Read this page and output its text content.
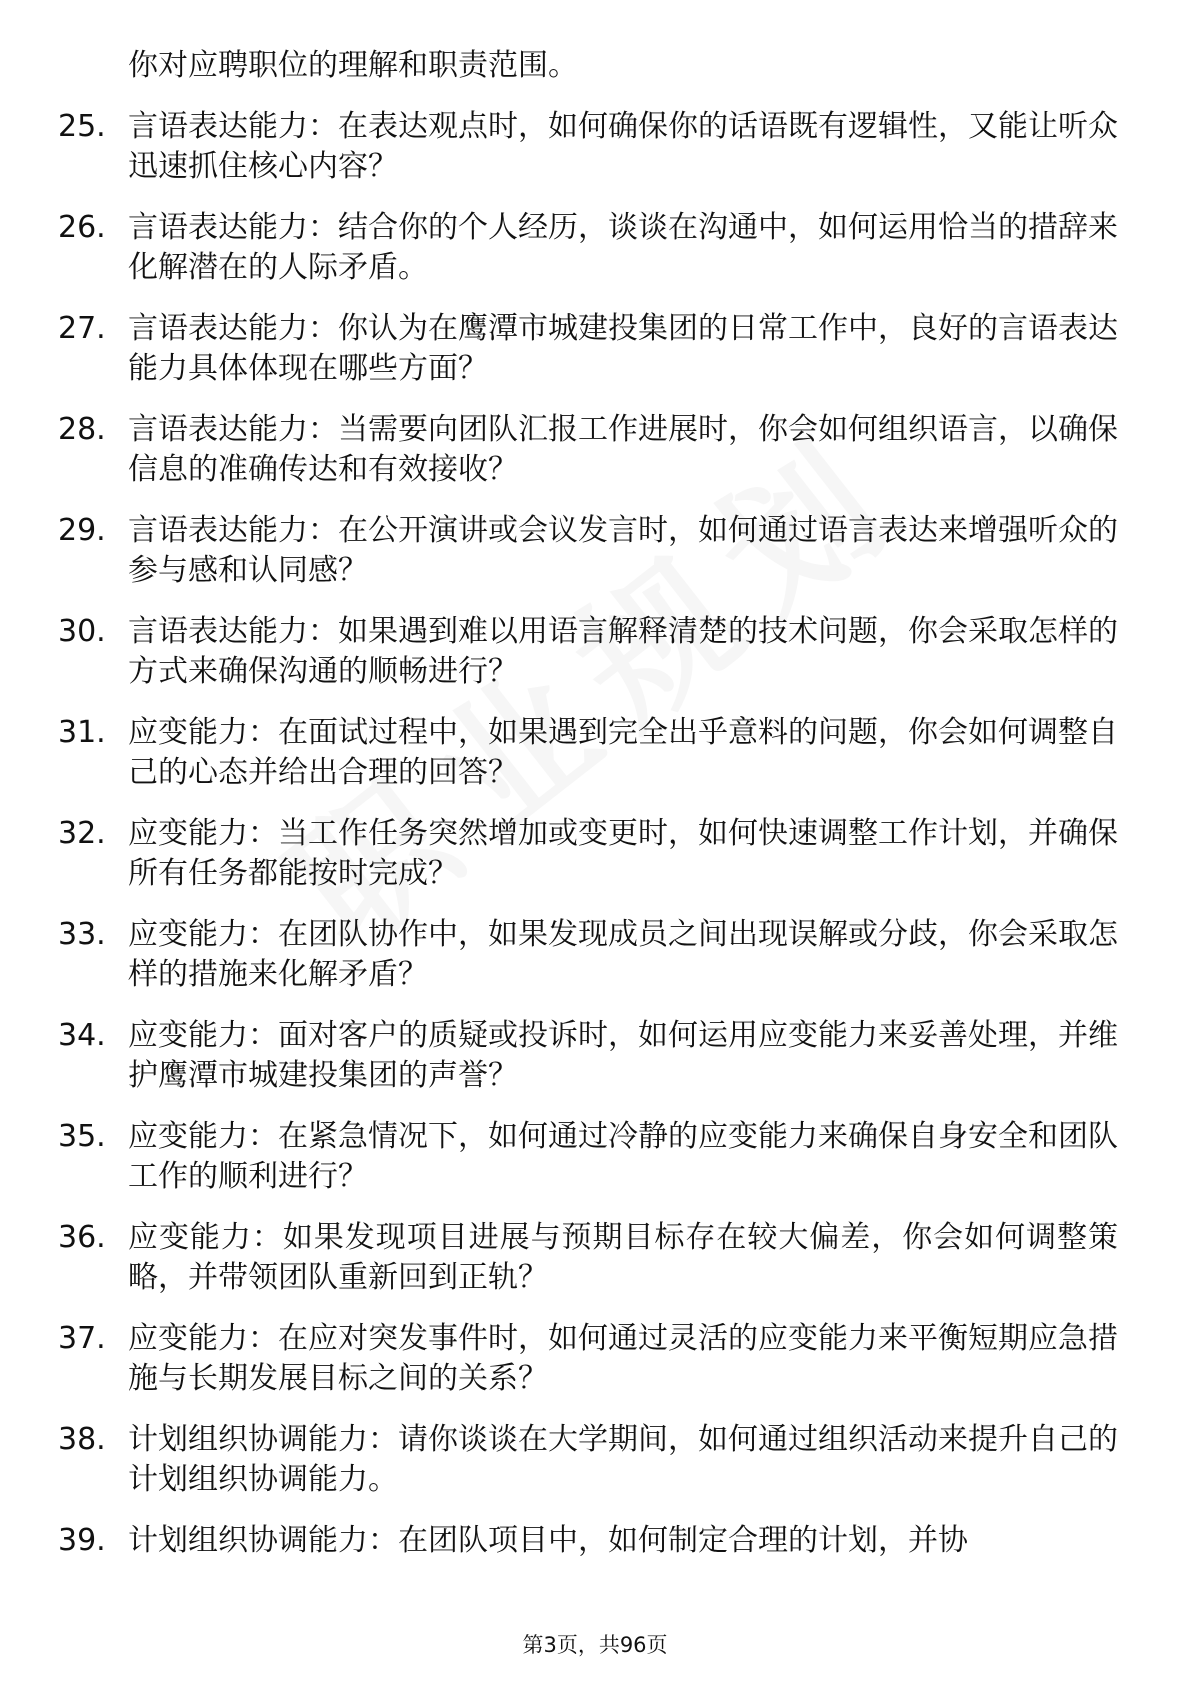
你对应聘职位的理解和职责范围。
25. 言语表达能力：在表达观点时，如何确保你的话语既有逻辑性，又能让听众迅速抓住核心内容？
26. 言语表达能力：结合你的个人经历，谈谈在沟通中，如何运用恰当的措辞来化解潜在的人际矛盾。
27. 言语表达能力：你认为在鹰潭市城建投集团的日常工作中，良好的言语表达能力具体体现在哪些方面？
28. 言语表达能力：当需要向团队汇报工作进展时，你会如何组织语言，以确保信息的准确传达和有效接收？
29. 言语表达能力：在公开演讲或会议发言时，如何通过语言表达来增强听众的参与感和认同感？
30. 言语表达能力：如果遇到难以用语言解释清楚的技术问题，你会采取怎样的方式来确保沟通的顺畅进行？
31. 应变能力：在面试过程中，如果遇到完全出乎意料的问题，你会如何调整自己的心态并给出合理的回答？
32. 应变能力：当工作任务突然增加或变更时，如何快速调整工作计划，并确保所有任务都能按时完成？
33. 应变能力：在团队协作中，如果发现成员之间出现误解或分歧，你会采取怎样的措施来化解矛盾？
34. 应变能力：面对客户的质疑或投诉时，如何运用应变能力来妥善处理，并维护鹰潭市城建投集团的声誉？
35. 应变能力：在紧急情况下，如何通过冷静的应变能力来确保自身安全和团队工作的顺利进行？
36. 应变能力：如果发现项目进展与预期目标存在较大偏差，你会如何调整策略，并带领团队重新回到正轨？
37. 应变能力：在应对突发事件时，如何通过灵活的应变能力来平衡短期应急措施与长期发展目标之间的关系？
38. 计划组织协调能力：请你谈谈在大学期间，如何通过组织活动来提升自己的计划组织协调能力。
39. 计划组织协调能力：在团队项目中，如何制定合理的计划，并协
第3页，共96页
